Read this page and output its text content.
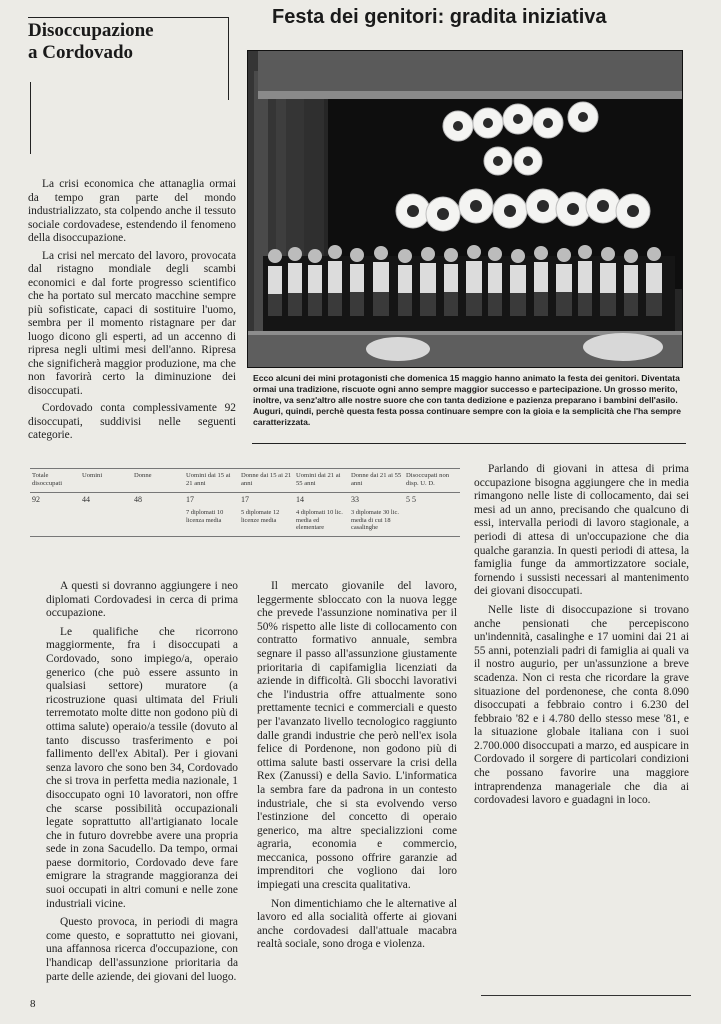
Disoccupazione
a Cordovado
Festa dei genitori: gradita iniziativa

Ecco alcuni dei mini protagonisti che domenica 15 maggio hanno animato la festa dei genitori. Diventata ormai una tradizione, riscuote ogni anno sempre maggior successo e partecipazione. Un grosso merito, inoltre, va senz'altro alle nostre suore che con tanta dedizione e pazienza preparano i bambini dell'asilo. Auguri, quindi, perchè questa festa possa continuare sempre con la gioia e la semplicità che l'ha sempre caratterizzata.

La crisi economica che attanaglia ormai da tempo gran parte del mondo industrializzato, sta colpendo anche il tessuto sociale cordovadese, estendendo il fenomeno della disoccupazione.

La crisi nel mercato del lavoro, provocata dal ristagno mondiale degli scambi economici e dal forte progresso scientifico che ha portato sul mercato macchine sempre più sofisticate, capaci di sostituire l'uomo, sembra per il momento ristagnare per dar luogo dicono gli esperti, ad un accenno di ripresa negli ultimi mesi dell'anno. Ripresa che significherà maggior produzione, ma che non favorirà certo la diminuzione dei disoccupati.

Cordovado conta complessivamente 92 disoccupati, suddivisi nelle seguenti categorie.

Totale disoccupati	Uomini	Donne	Uomini dai 15 ai 21 anni	Donne dai 15 ai 21 anni	Uomini dai 21 ai 55 anni	Donne dai 21 ai 55 anni	Disoccupati non disp. U. D.
92	44	48	17	17	14	33	5 5
			7 diplomati 10 licenza media	5 diplomate 12 licenze media	4 diplomati 10 lic. media ed elementare	3 diplomate 30 lic. media di cui 18 casalinghe	

A questi si dovranno aggiungere i neo diplomati Cordovadesi in cerca di prima occupazione.

Le qualifiche che ricorrono maggiormente, fra i disoccupati a Cordovado, sono impiego/a, operaio generico (che può essere assunto in qualsiasi settore) muratore (a ricostruzione quasi ultimata del Friuli terremotato molte ditte non godono più di ottima salute) operaio/a tessile (dovuto al tanto discusso trasferimento e poi fallimento dell'ex Abital). Per i giovani senza lavoro che sono ben 34, Cordovado che si trova in perfetta media nazionale, 1 disoccupato ogni 10 lavoratori, non offre che scarse possibilità occupazionali legate soprattutto all'artigianato locale che in futuro dovrebbe avere una propria sede in zona Sacudello. Da tempo, ormai paese dormitorio, Cordovado deve fare emigrare la stragrande maggioranza dei suoi occupati in altri comuni e nelle zone industriali vicine.

Questo provoca, in periodi di magra come questo, e soprattutto nei giovani, una affannosa ricerca d'occupazione, con l'handicap dell'assunzione prioritaria da parte delle aziende, dei giovani del luogo.

Il mercato giovanile del lavoro, leggermente sbloccato con la nuova legge che prevede l'assunzione nominativa per il 50% rispetto alle liste di collocamento con contratto formativo annuale, sembra segnare il passo all'assunzione giustamente prioritaria di capifamiglia licenziati da aziende in difficoltà. Gli sbocchi lavorativi che l'industria offre attualmente sono prettamente tecnici e commerciali e questo per l'avanzato livello tecnologico raggiunto dalle grandi industrie che però nell'ex isola felice di Pordenone, non godono più di ottima salute basti osservare la crisi della Rex (Zanussi) e della Savio. L'informatica la sembra fare da padrona in un contesto industriale, che si sta evolvendo verso l'estinzione del concetto di operaio generico, ma altre specializzioni come agraria, economia e commercio, meccanica, possono offrire garanzie ad imprenditori che vogliono dai loro impiegati una crescita qualitativa.

Non dimentichiamo che le alternative al lavoro ed alla socialità offerte ai giovani anche cordovadesi dall'attuale macabra realtà sociale, sono droga e violenza.

Parlando di giovani in attesa di prima occupazione bisogna aggiungere che in media rimangono nelle liste di collocamento, dai sei mesi ad un anno, precisando che qualcuno di essi, intervalla periodi di lavoro stagionale, a periodi di attesa di un'occupazione che dia qualche garanzia. In questi periodi di attesa, la famiglia funge da ammortizzatore sociale, fornendo i sussisti necessari al mantenimento dei giovani disoccupati.

Nelle liste di disoccupazione si trovano anche pensionati che percepiscono un'indennità, casalinghe e 17 uomini dai 21 ai 55 anni, potenziali padri di famiglia ai quali va il nostro augurio, per un'assunzione a breve scadenza. Non ci resta che ricordare la grave situazione del pordenonese, che conta 8.090 disoccupati a febbraio contro i 6.230 del febbraio '82 e i 4.780 dello stesso mese '81, e la situazione globale italiana con i suoi 2.700.000 disoccupati a marzo, ed auspicare in Cordovado il sorgere di particolari condizioni che possano favorire una maggiore intraprendenza manageriale che dia ai cordovadesi lavoro e guadagni in loco.

8
